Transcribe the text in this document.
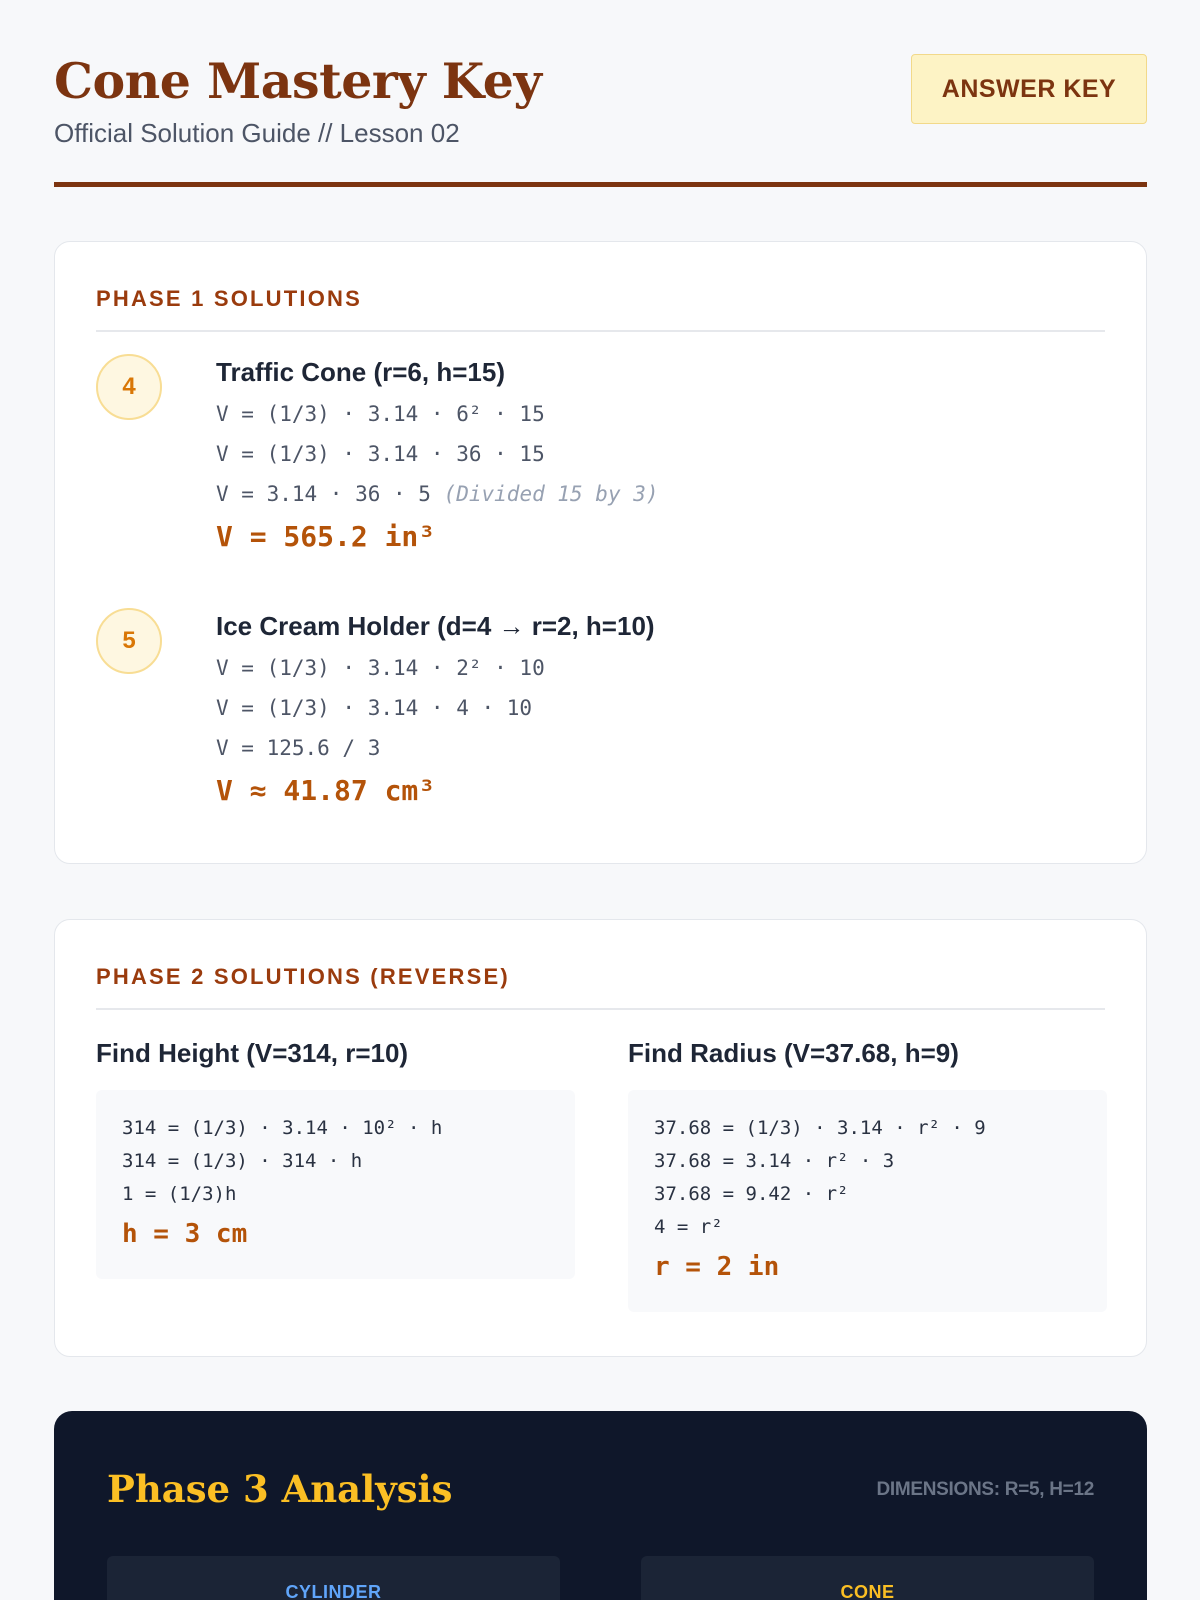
Cone Mastery Key
Official Solution Guide // Lesson 02
ANSWER KEY
PHASE 1 SOLUTIONS
4	Traffic Cone (r=6, h=15)
V = (1/3) · 3.14 · 6² · 15
V = (1/3) · 3.14 · 36 · 15
V = 3.14 · 36 · 5 (Divided 15 by 3)
V = 565.2 in³
5	Ice Cream Holder (d=4 → r=2, h=10)
V = (1/3) · 3.14 · 2² · 10
V = (1/3) · 3.14 · 4 · 10
V = 125.6 / 3
V ≈ 41.87 cm³
PHASE 2 SOLUTIONS (REVERSE)
Find Height (V=314, r=10)
314 = (1/3) · 3.14 · 10² · h
314 = (1/3) · 314 · h
1 = (1/3)h
h = 3 cm
Find Radius (V=37.68, h=9)
37.68 = (1/3) · 3.14 · r² · 9
37.68 = 3.14 · r² · 3
37.68 = 9.42 · r²
4 = r²
r = 2 in
Phase 3 Analysis	DIMENSIONS: R=5, H=12
CYLINDER	CONE
